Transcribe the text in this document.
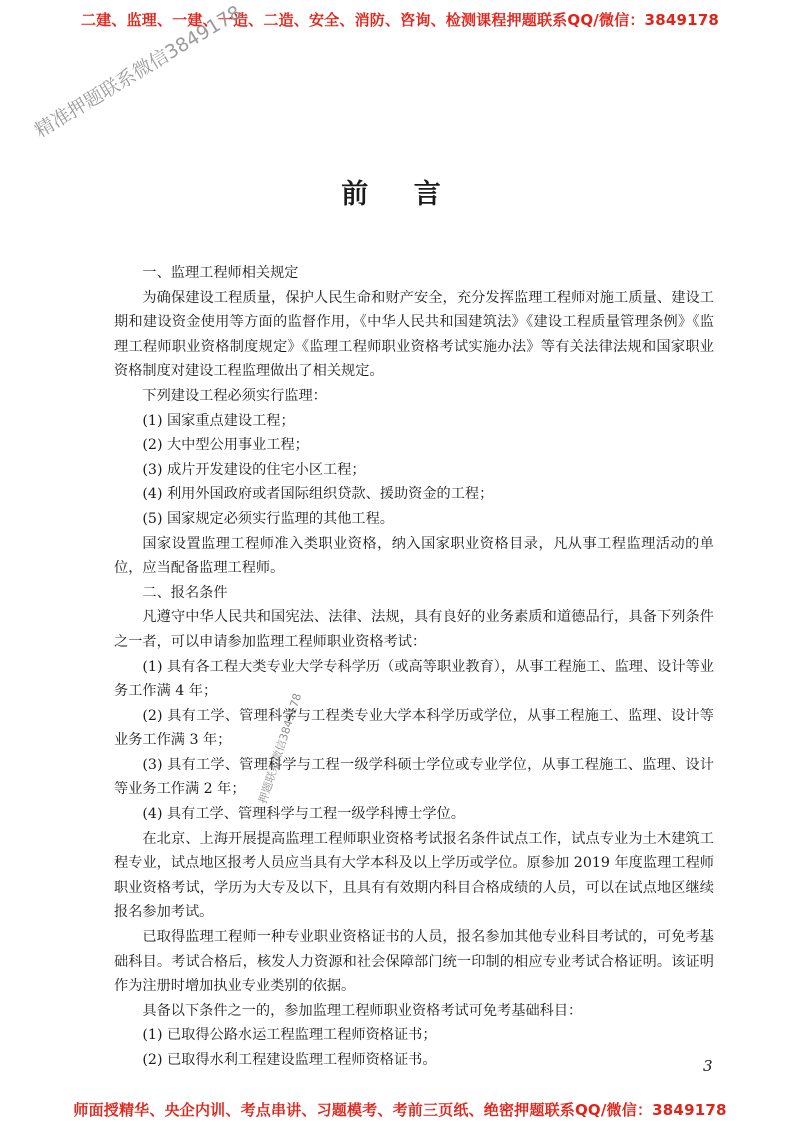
二建、监理、一建、一造、二造、安全、消防、咨询、检测课程押题联系QQ/微信：3849178
精准押题联系微信3849178
押题联系微信3849178
前 言

一、监理工程师相关规定

为确保建设工程质量，保护人民生命和财产安全，充分发挥监理工程师对施工质量、建设工期和建设资金使用等方面的监督作用，《中华人民共和国建筑法》《建设工程质量管理条例》《监理工程师职业资格制度规定》《监理工程师职业资格考试实施办法》等有关法律法规和国家职业资格制度对建设工程监理做出了相关规定。

下列建设工程必须实行监理：

(1) 国家重点建设工程；

(2) 大中型公用事业工程；

(3) 成片开发建设的住宅小区工程；

(4) 利用外国政府或者国际组织贷款、援助资金的工程；

(5) 国家规定必须实行监理的其他工程。

国家设置监理工程师准入类职业资格，纳入国家职业资格目录，凡从事工程监理活动的单位，应当配备监理工程师。

二、报名条件

凡遵守中华人民共和国宪法、法律、法规，具有良好的业务素质和道德品行，具备下列条件之一者，可以申请参加监理工程师职业资格考试：

(1) 具有各工程大类专业大学专科学历（或高等职业教育），从事工程施工、监理、设计等业务工作满 4 年；

(2) 具有工学、管理科学与工程类专业大学本科学历或学位，从事工程施工、监理、设计等业务工作满 3 年；

(3) 具有工学、管理科学与工程一级学科硕士学位或专业学位，从事工程施工、监理、设计等业务工作满 2 年；

(4) 具有工学、管理科学与工程一级学科博士学位。

在北京、上海开展提高监理工程师职业资格考试报名条件试点工作，试点专业为土木建筑工程专业，试点地区报考人员应当具有大学本科及以上学历或学位。原参加 2019 年度监理工程师职业资格考试，学历为大专及以下，且具有有效期内科目合格成绩的人员，可以在试点地区继续报名参加考试。

已取得监理工程师一种专业职业资格证书的人员，报名参加其他专业科目考试的，可免考基础科目。考试合格后，核发人力资源和社会保障部门统一印制的相应专业考试合格证明。该证明作为注册时增加执业专业类别的依据。

具备以下条件之一的，参加监理工程师职业资格考试可免考基础科目：

(1) 已取得公路水运工程监理工程师资格证书；

(2) 已取得水利工程建设监理工程师资格证书。	3
师面授精华、央企内训、考点串讲、习题模考、考前三页纸、绝密押题联系QQ/微信：3849178
